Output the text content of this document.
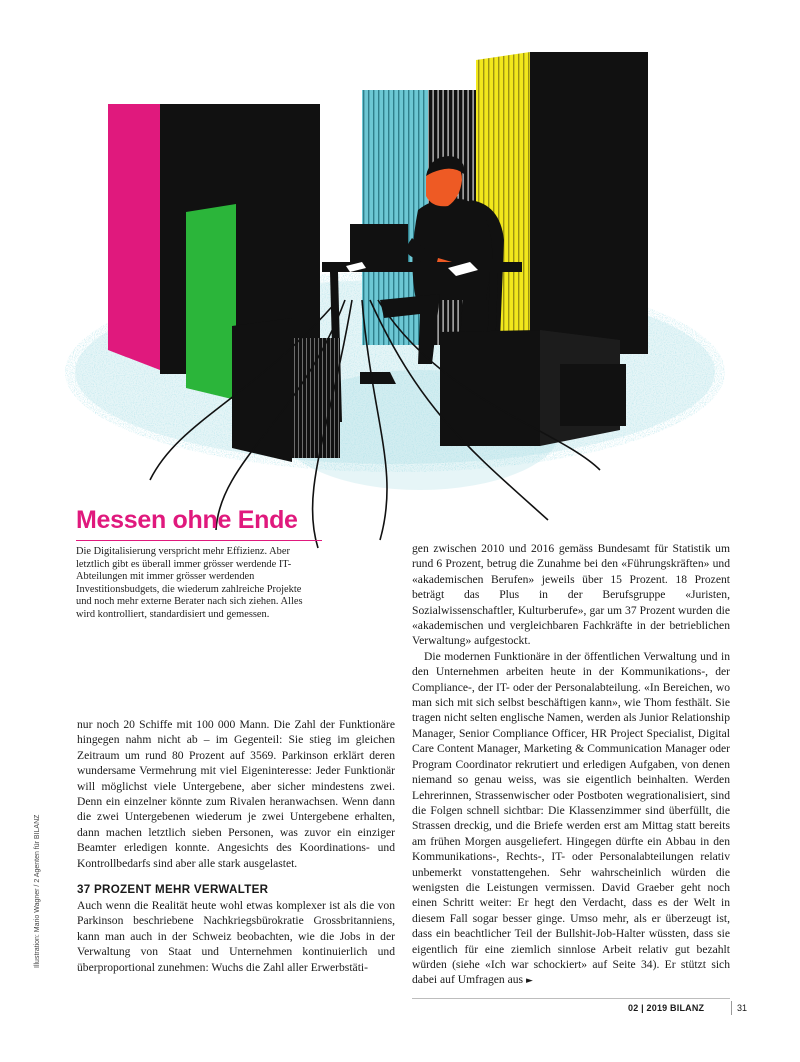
Messen ohne Ende

Die Digitalisierung verspricht mehr Effizienz. Aber letztlich gibt es überall immer grösser werdende IT-Abteilungen mit immer grösser werdenden Investitionsbudgets, die wiederum zahlreiche Projekte und noch mehr externe Berater nach sich ziehen. Alles wird kontrolliert, standardisiert und gemessen.

nur noch 20 Schiffe mit 100 000 Mann. Die Zahl der Funktionäre hingegen nahm nicht ab – im Gegenteil: Sie stieg im gleichen Zeitraum um rund 80 Prozent auf 3569. Parkinson erklärt deren wundersame Vermehrung mit viel Eigeninteresse: Jeder Funktionär will möglichst viele Untergebene, aber sicher mindestens zwei. Denn ein einzelner könnte zum Rivalen heranwachsen. Wenn dann die zwei Untergebenen wiederum je zwei Untergebene erhalten, dann machen letztlich sieben Personen, was zuvor ein einziger Beamter erledigen konnte. Angesichts des Koordinations- und Kontrollbedarfs sind aber alle stark ausgelastet.

37 PROZENT MEHR VERWALTER

Auch wenn die Realität heute wohl etwas komplexer ist als die von Parkinson beschriebene Nachkriegsbürokratie Grossbritanniens, kann man auch in der Schweiz beobachten, wie die Jobs in der Verwaltung von Staat und Unternehmen kontinuierlich und überproportional zunehmen: Wuchs die Zahl aller Erwerbstäti-

gen zwischen 2010 und 2016 gemäss Bundesamt für Statistik um rund 6 Prozent, betrug die Zunahme bei den «Führungskräften» und «akademischen Berufen» jeweils über 15 Prozent. 18 Prozent beträgt das Plus in der Berufsgruppe «Juristen, Sozialwissenschaftler, Kulturberufe», gar um 37 Prozent wurden die «akademischen und vergleichbaren Fachkräfte in der betrieblichen Verwaltung» aufgestockt.

Die modernen Funktionäre in der öffentlichen Verwaltung und in den Unternehmen arbeiten heute in der Kommunikations-, der Compliance-, der IT- oder der Personalabteilung. «In Bereichen, wo man sich mit sich selbst beschäftigen kann», wie Thom festhält. Sie tragen nicht selten englische Namen, werden als Junior Relationship Manager, Senior Compliance Officer, HR Project Specialist, Digital Care Content Manager, Marketing & Communication Manager oder Program Coordinator rekrutiert und erledigen Aufgaben, von denen niemand so genau weiss, was sie eigentlich beinhalten. Werden Lehrerinnen, Strassenwischer oder Postboten wegrationalisiert, sind die Folgen schnell sichtbar: Die Klassenzimmer sind überfüllt, die Strassen dreckig, und die Briefe werden erst am Mittag statt bereits am frühen Morgen ausgeliefert. Hingegen dürfte ein Abbau in den Kommunikations-, Rechts-, IT- oder Personalabteilungen relativ unbemerkt vonstattengehen. Sehr wahrscheinlich würden die wenigsten die Leistungen vermissen. David Graeber geht noch einen Schritt weiter: Er hegt den Verdacht, dass es der Welt in diesem Fall sogar besser ginge. Umso mehr, als er überzeugt ist, dass ein beachtlicher Teil der Bullshit-Job-Halter wüssten, dass sie eigentlich für eine ziemlich sinnlose Arbeit relativ gut bezahlt würden (siehe «Ich war schockiert» auf Seite 34). Er stützt sich dabei auf Umfragen aus ►

Illustration: Mario Wagner / 2 Agenten für BILANZ
02 | 2019 BILANZ	31
